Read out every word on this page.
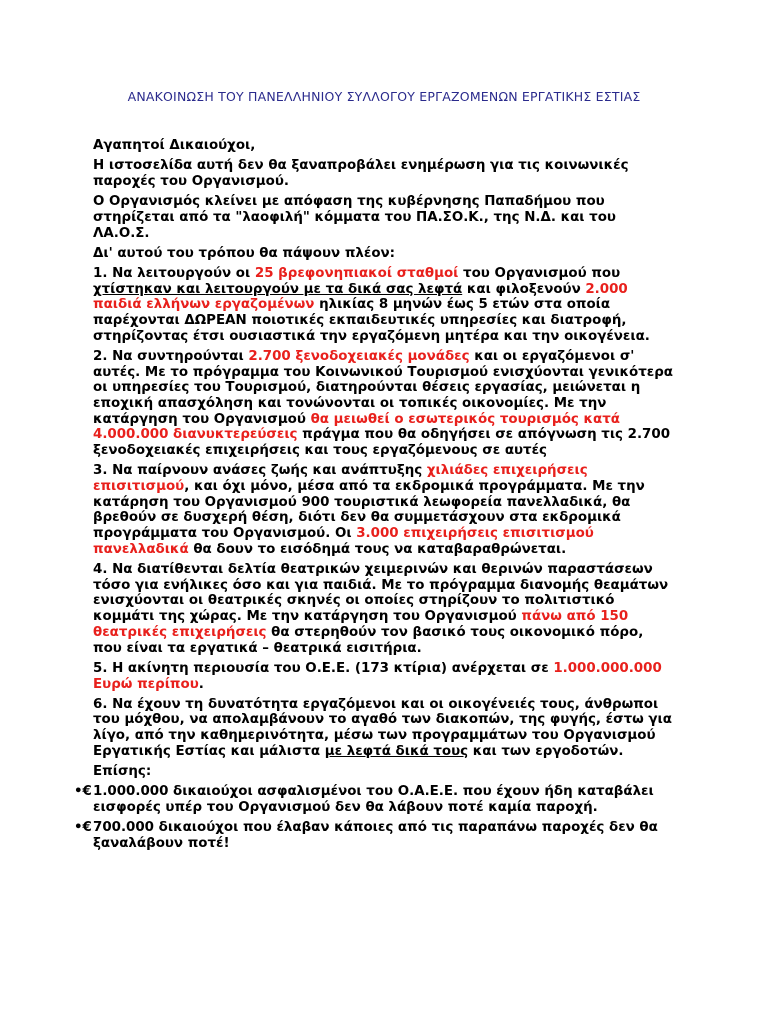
ΑΝΑΚΟΙΝΩΣΗ ΤΟΥ ΠΑΝΕΛΛΗΝΙΟΥ ΣΥΛΛΟΓΟΥ ΕΡΓΑΖΟΜΕΝΩΝ ΕΡΓΑΤΙΚΗΣ ΕΣΤΙΑΣ

Αγαπητοί Δικαιούχοι,

Η ιστοσελίδα αυτή δεν θα ξαναπροβάλει ενημέρωση για τις κοινωνικές παροχές του Οργανισμού.

Ο Οργανισμός κλείνει με απόφαση της κυβέρνησης Παπαδήμου που στηρίζεται από τα "λαοφιλή" κόμματα του ΠΑ.ΣΟ.Κ., της Ν.Δ. και του ΛΑ.Ο.Σ.

Δι' αυτού του τρόπου θα πάψουν πλέον:

1. Να λειτουργούν οι 25 βρεφονηπιακοί σταθμοί του Οργανισμού που χτίστηκαν και λειτουργούν με τα δικά σας λεφτά και φιλοξενούν 2.000 παιδιά ελλήνων εργαζομένων ηλικίας 8 μηνών έως 5 ετών στα οποία παρέχονται ΔΩΡΕΑΝ ποιοτικές εκπαιδευτικές υπηρεσίες και διατροφή, στηρίζοντας έτσι ουσιαστικά την εργαζόμενη μητέρα και την οικογένεια.

2. Να συντηρούνται 2.700 ξενοδοχειακές μονάδες και οι εργαζόμενοι σ' αυτές. Με το πρόγραμμα του Κοινωνικού Τουρισμού ενισχύονται γενικότερα οι υπηρεσίες του Τουρισμού, διατηρούνται θέσεις εργασίας, μειώνεται η εποχική απασχόληση και τονώνονται οι τοπικές οικονομίες. Με την κατάργηση του Οργανισμού θα μειωθεί ο εσωτερικός τουρισμός κατά 4.000.000 διανυκτερεύσεις πράγμα που θα οδηγήσει σε απόγνωση τις 2.700 ξενοδοχειακές επιχειρήσεις και τους εργαζόμενους σε αυτές

3. Να παίρνουν ανάσες ζωής και ανάπτυξης χιλιάδες επιχειρήσεις επισιτισμού, και όχι μόνο, μέσα από τα εκδρομικά προγράμματα. Με την κατάρηση του Οργανισμού 900 τουριστικά λεωφορεία πανελλαδικά, θα βρεθούν σε δυσχερή θέση, διότι δεν θα συμμετάσχουν στα εκδρομικά προγράμματα του Οργανισμού. Οι 3.000 επιχειρήσεις επισιτισμού πανελλαδικά θα δουν το εισόδημά τους να καταβαραθρώνεται.

4. Να διατίθενται δελτία θεατρικών χειμερινών και θερινών παραστάσεων τόσο για ενήλικες όσο και για παιδιά. Με το πρόγραμμα διανομής θεαμάτων ενισχύονται οι θεατρικές σκηνές οι οποίες στηρίζουν το πολιτιστικό κομμάτι της χώρας. Με την κατάργηση του Οργανισμού πάνω από 150 θεατρικές επιχειρήσεις θα στερηθούν τον βασικό τους οικονομικό πόρο, που είναι τα εργατικά – θεατρικά εισιτήρια.

5. Η ακίνητη περιουσία του Ο.Ε.Ε. (173 κτίρια) ανέρχεται σε 1.000.000.000 Ευρώ περίπου.

6. Να έχουν τη δυνατότητα εργαζόμενοι και οι οικογένειές τους, άνθρωποι του μόχθου, να απολαμβάνουν το αγαθό των διακοπών, της φυγής, έστω για λίγο, από την καθημερινότητα, μέσω των προγραμμάτων του Οργανισμού Εργατικής Εστίας και μάλιστα με λεφτά δικά τους και των εργοδοτών.

Επίσης:

•€ 1.000.000 δικαιούχοι ασφαλισμένοι του Ο.Α.Ε.Ε. που έχουν ήδη καταβάλει εισφορές υπέρ του Οργανισμού δεν θα λάβουν ποτέ καμία παροχή.

•€ 700.000 δικαιούχοι που έλαβαν κάποιες από τις παραπάνω παροχές δεν θα ξαναλάβουν ποτέ!
